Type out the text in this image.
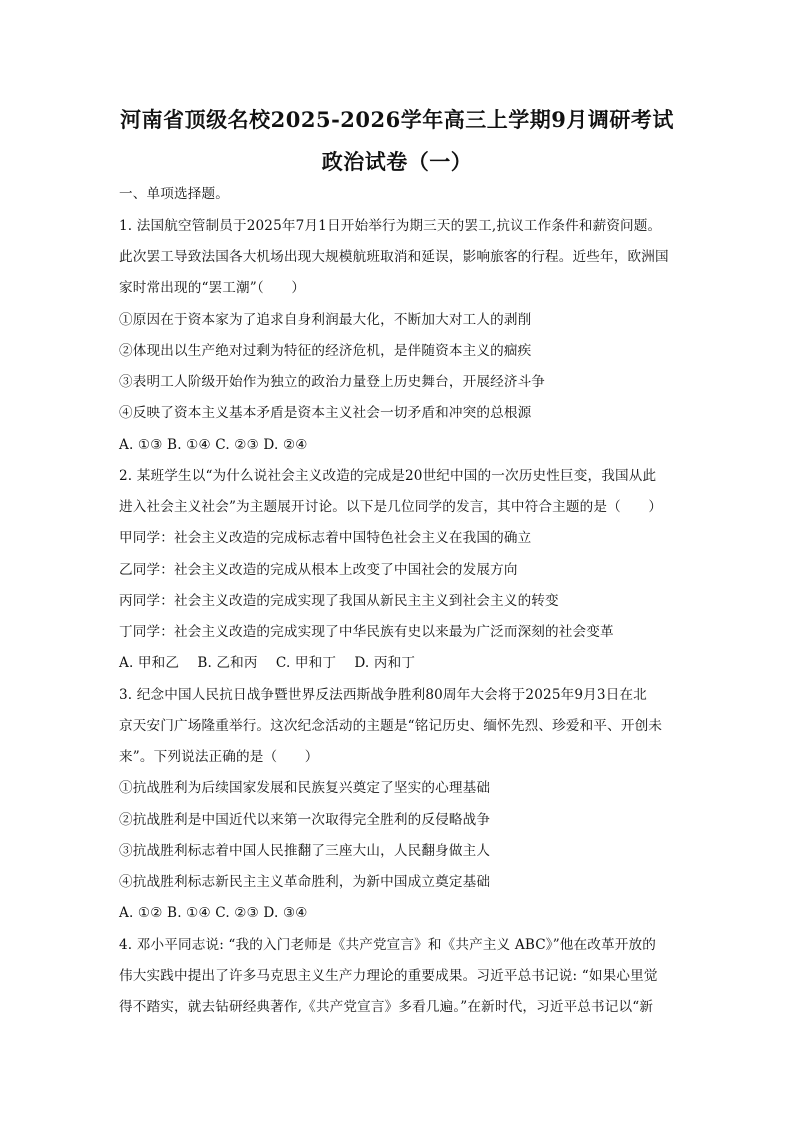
河南省顶级名校2025-2026学年高三上学期9月调研考试
政治试卷（一）
一、单项选择题。
1. 法国航空管制员于2025年7月1日开始举行为期三天的罢工,抗议工作条件和薪资问题。
此次罢工导致法国各大机场出现大规模航班取消和延误，影响旅客的行程。近些年，欧洲国
家时常出现的“罢工潮”（　　）
①原因在于资本家为了追求自身利润最大化，不断加大对工人的剥削
②体现出以生产绝对过剩为特征的经济危机，是伴随资本主义的痼疾
③表明工人阶级开始作为独立的政治力量登上历史舞台，开展经济斗争
④反映了资本主义基本矛盾是资本主义社会一切矛盾和冲突的总根源
A. ①③ B. ①④ C. ②③ D. ②④
2. 某班学生以“为什么说社会主义改造的完成是20世纪中国的一次历史性巨变，我国从此
进入社会主义社会”为主题展开讨论。以下是几位同学的发言，其中符合主题的是（　　）
甲同学：社会主义改造的完成标志着中国特色社会主义在我国的确立
乙同学：社会主义改造的完成从根本上改变了中国社会的发展方向
丙同学：社会主义改造的完成实现了我国从新民主主义到社会主义的转变
丁同学：社会主义改造的完成实现了中华民族有史以来最为广泛而深刻的社会变革
A. 甲和乙　 B. 乙和丙　 C. 甲和丁　 D. 丙和丁
3. 纪念中国人民抗日战争暨世界反法西斯战争胜利80周年大会将于2025年9月3日在北
京天安门广场隆重举行。这次纪念活动的主题是“铭记历史、缅怀先烈、珍爱和平、开创未
来”。下列说法正确的是（　　）
①抗战胜利为后续国家发展和民族复兴奠定了坚实的心理基础
②抗战胜利是中国近代以来第一次取得完全胜利的反侵略战争
③抗战胜利标志着中国人民推翻了三座大山，人民翻身做主人
④抗战胜利标志新民主主义革命胜利，为新中国成立奠定基础
A. ①② B. ①④ C. ②③ D. ③④
4. 邓小平同志说: “我的入门老师是《共产党宣言》和《共产主义 ABC》”他在改革开放的
伟大实践中提出了许多马克思主义生产力理论的重要成果。习近平总书记说: “如果心里觉
得不踏实，就去钻研经典著作,《共产党宣言》多看几遍。”在新时代，习近平总书记以“新
